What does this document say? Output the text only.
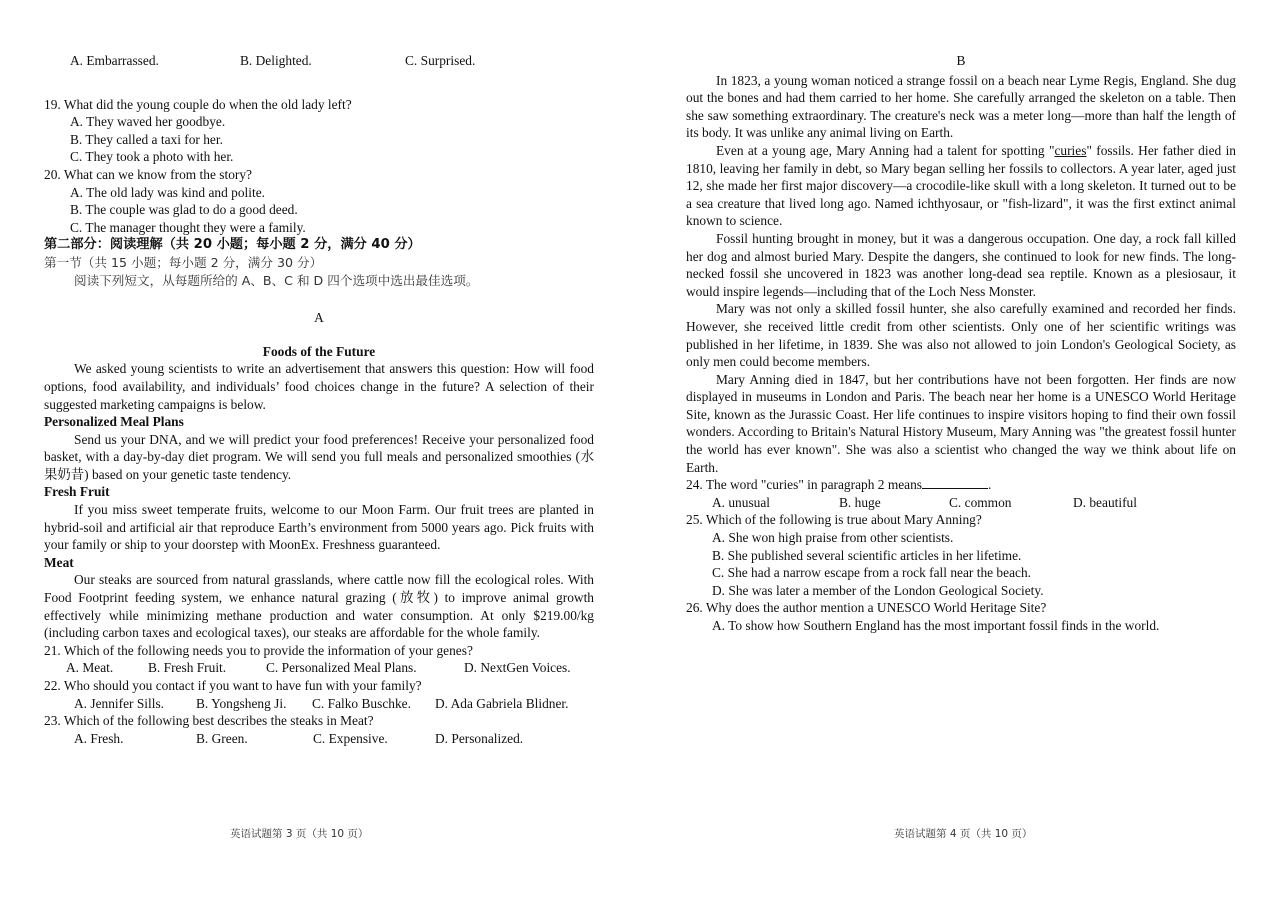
A. Embarrassed.	B. Delighted.	C. Surprised.
19. What did the young couple do when the old lady left?
A. They waved her goodbye.
B. They called a taxi for her.
C. They took a photo with her.
20. What can we know from the story?
A. The old lady was kind and polite.
B. The couple was glad to do a good deed.
C. The manager thought they were a family.
第二部分：阅读理解（共 20 小题；每小题 2 分，满分 40 分）
第一节（共 15 小题；每小题 2 分，满分 30 分）
阅读下列短文，从每题所给的 A、B、C 和 D 四个选项中选出最佳选项。
A
Foods of the Future

We asked young scientists to write an advertisement that answers this question: How will food options, food availability, and individuals’ food choices change in the future? A selection of their suggested marketing campaigns is below.

Personalized Meal Plans

Send us your DNA, and we will predict your food preferences! Receive your personalized food basket, with a day-by-day diet program. We will send you full meals and personalized smoothies (水果奶昔) based on your genetic taste tendency.

Fresh Fruit

If you miss sweet temperate fruits, welcome to our Moon Farm. Our fruit trees are planted in hybrid-soil and artificial air that reproduce Earth’s environment from 5000 years ago. Pick fruits with your family or ship to your doorstep with MoonEx. Freshness guaranteed.

Meat

Our steaks are sourced from natural grasslands, where cattle now fill the ecological roles. With Food Footprint feeding system, we enhance natural grazing (放牧) to improve animal growth effectively while minimizing methane production and water consumption. At only $219.00/kg (including carbon taxes and ecological taxes), our steaks are affordable for the whole family.

21. Which of the following needs you to provide the information of your genes?
A. Meat.	B. Fresh Fruit.	C. Personalized Meal Plans.	D. NextGen Voices.
22. Who should you contact if you want to have fun with your family?
A. Jennifer Sills.	B. Yongsheng Ji.	C. Falko Buschke.	D. Ada Gabriela Blidner.
23. Which of the following best describes the steaks in Meat?
A. Fresh.	B. Green.	C. Expensive.	D. Personalized.
英语试题第 3 页（共 10 页）
B

In 1823, a young woman noticed a strange fossil on a beach near Lyme Regis, England. She dug out the bones and had them carried to her home. She carefully arranged the skeleton on a table. Then she saw something extraordinary. The creature's neck was a meter long—more than half the length of its body. It was unlike any animal living on Earth.

Even at a young age, Mary Anning had a talent for spotting "curies" fossils. Her father died in 1810, leaving her family in debt, so Mary began selling her fossils to collectors. A year later, aged just 12, she made her first major discovery—a crocodile-like skull with a long skeleton. It turned out to be a sea creature that lived long ago. Named ichthyosaur, or "fish-lizard", it was the first extinct animal known to science.

Fossil hunting brought in money, but it was a dangerous occupation. One day, a rock fall killed her dog and almost buried Mary. Despite the dangers, she continued to look for new finds. The long-necked fossil she uncovered in 1823 was another long-dead sea reptile. Known as a plesiosaur, it would inspire legends—including that of the Loch Ness Monster.

Mary was not only a skilled fossil hunter, she also carefully examined and recorded her finds. However, she received little credit from other scientists. Only one of her scientific writings was published in her lifetime, in 1839. She was also not allowed to join London's Geological Society, as only men could become members.

Mary Anning died in 1847, but her contributions have not been forgotten. Her finds are now displayed in museums in London and Paris. The beach near her home is a UNESCO World Heritage Site, known as the Jurassic Coast. Her life continues to inspire visitors hoping to find their own fossil wonders. According to Britain's Natural History Museum, Mary Anning was "the greatest fossil hunter the world has ever known". She was also a scientist who changed the way we think about life on Earth.

24. The word "curies" in paragraph 2 means	.
A. unusual	B. huge	C. common	D. beautiful
25. Which of the following is true about Mary Anning?
A. She won high praise from other scientists.
B. She published several scientific articles in her lifetime.
C. She had a narrow escape from a rock fall near the beach.
D. She was later a member of the London Geological Society.
26. Why does the author mention a UNESCO World Heritage Site?
A. To show how Southern England has the most important fossil finds in the world.
英语试题第 4 页（共 10 页）
